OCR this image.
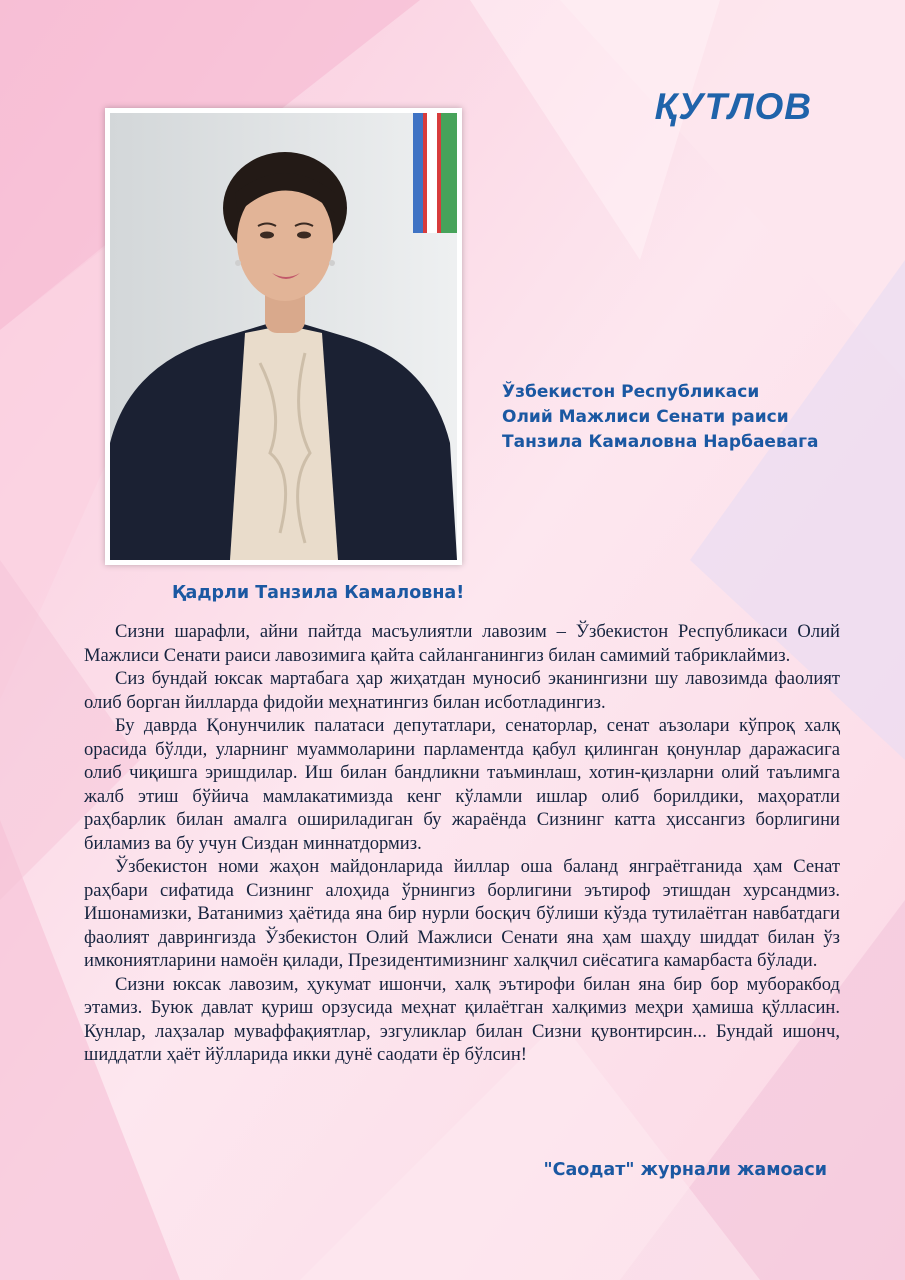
ҚУТЛОВ
Ўзбекистон Республикаси
Олий Мажлиси Сенати раиси
Танзила Камаловна Нарбаевага
Қадрли Танзила Камаловна!

Сизни шарафли, айни пайтда масъулиятли лавозим – Ўзбекистон Республикаси Олий Мажлиси Сенати раиси лавозимига қайта сайланганингиз билан самимий табриклаймиз.

Сиз бундай юксак мартабага ҳар жиҳатдан муносиб эканингизни шу лавозимда фаолият олиб борган йилларда фидойи меҳнатингиз билан исботладингиз.

Бу даврда Қонунчилик палатаси депутатлари, сенаторлар, сенат аъзолари кўпроқ халқ орасида бўлди, уларнинг муаммоларини парламентда қабул қилинган қонунлар даражасигa олиб чиқишга эришдилар. Иш билан бандликни таъминлаш, хотин-қизларни олий таълимга жалб этиш бўйича мамлакатимизда кенг кўламли ишлар олиб борилдики, маҳоратли раҳбарлик билан амалга ошириладиган бу жараёнда Сизнинг катта ҳиссангиз борлигини биламиз ва бу учун Сиздан миннатдормиз.

Ўзбекистон номи жаҳон майдонларида йиллар оша баланд янграётганида ҳам Сенат раҳбари сифатида Сизнинг алоҳида ўрнингиз борлигини эътироф этишдан хурсандмиз. Ишонамизки, Ватанимиз ҳаётида яна бир нурли босқич бўлиши кўзда тутилаётган навбатдаги фаолият даврингизда Ўзбекистон Олий Мажлиси Сенати яна ҳам шаҳду шиддат билан ўз имкониятларини намоён қилади, Президентимизнинг халқчил сиёсатига камарбаста бўлади.

Сизни юксак лавозим, ҳукумат ишончи, халқ эътирофи билан яна бир бор муборакбод этамиз. Буюк давлат қуриш орзусида меҳнат қилаётган халқимиз меҳри ҳамиша қўлласин. Кунлар, лаҳзалар муваффақиятлар, эзгуликлар билан Сизни қувонтирсин... Бундай ишонч, шиддатли ҳаёт йўлларида икки дунё саодати ёр бўлсин!

"Саодат" журнали жамоаси
